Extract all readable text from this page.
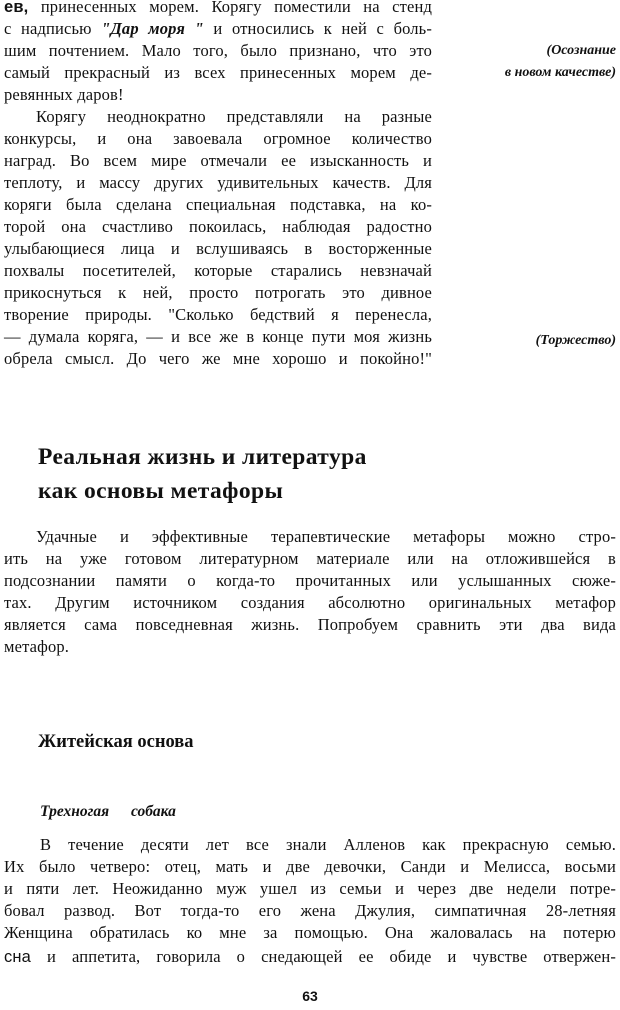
ев, принесенных морем. Корягу поместили на стенд
с надписью "Дар моря " и относились к ней с боль-
шим почтением. Мало того, было признано, что это
самый прекрасный из всех принесенных морем де-
ревянных даров!
(Осознание
в новом качестве)
(Торжество)
Корягу неоднократно представляли на разные
конкурсы, и она завоевала огромное количество
наград. Во всем мире отмечали ее изысканность и
теплоту, и массу других удивительных качеств. Для
коряги была сделана специальная подставка, на ко-
торой она счастливо покоилась, наблюдая радостно
улыбающиеся лица и вслушиваясь в восторженные
похвалы посетителей, которые старались невзначай
прикоснуться к ней, просто потрогать это дивное
творение природы. "Сколько бедствий я перенесла,
— думала коряга, — и все же в конце пути моя жизнь
обрела смысл. До чего же мне хорошо и покойно!"
Реальная жизнь и литература
как основы метафоры
Удачные и эффективные терапевтические метафоры можно стро-
ить на уже готовом литературном материале или на отложившейся в
подсознании памяти о когда-то прочитанных или услышанных сюже-
тах. Другим источником создания абсолютно оригинальных метафор
является сама повседневная жизнь. Попробуем сравнить эти два вида
метафор.
Житейская основа
Трехногая собака
В течение десяти лет все знали Алленов как прекрасную семью.
Их было четверо: отец, мать и две девочки, Санди и Мелисса, восьми
и пяти лет. Неожиданно муж ушел из семьи и через две недели потре-
бовал развод. Вот тогда-то его жена Джулия, симпатичная 28-летняя
Женщина обратилась ко мне за помощью. Она жаловалась на потерю
сна и аппетита, говорила о снедающей ее обиде и чувстве отвержен-
63
